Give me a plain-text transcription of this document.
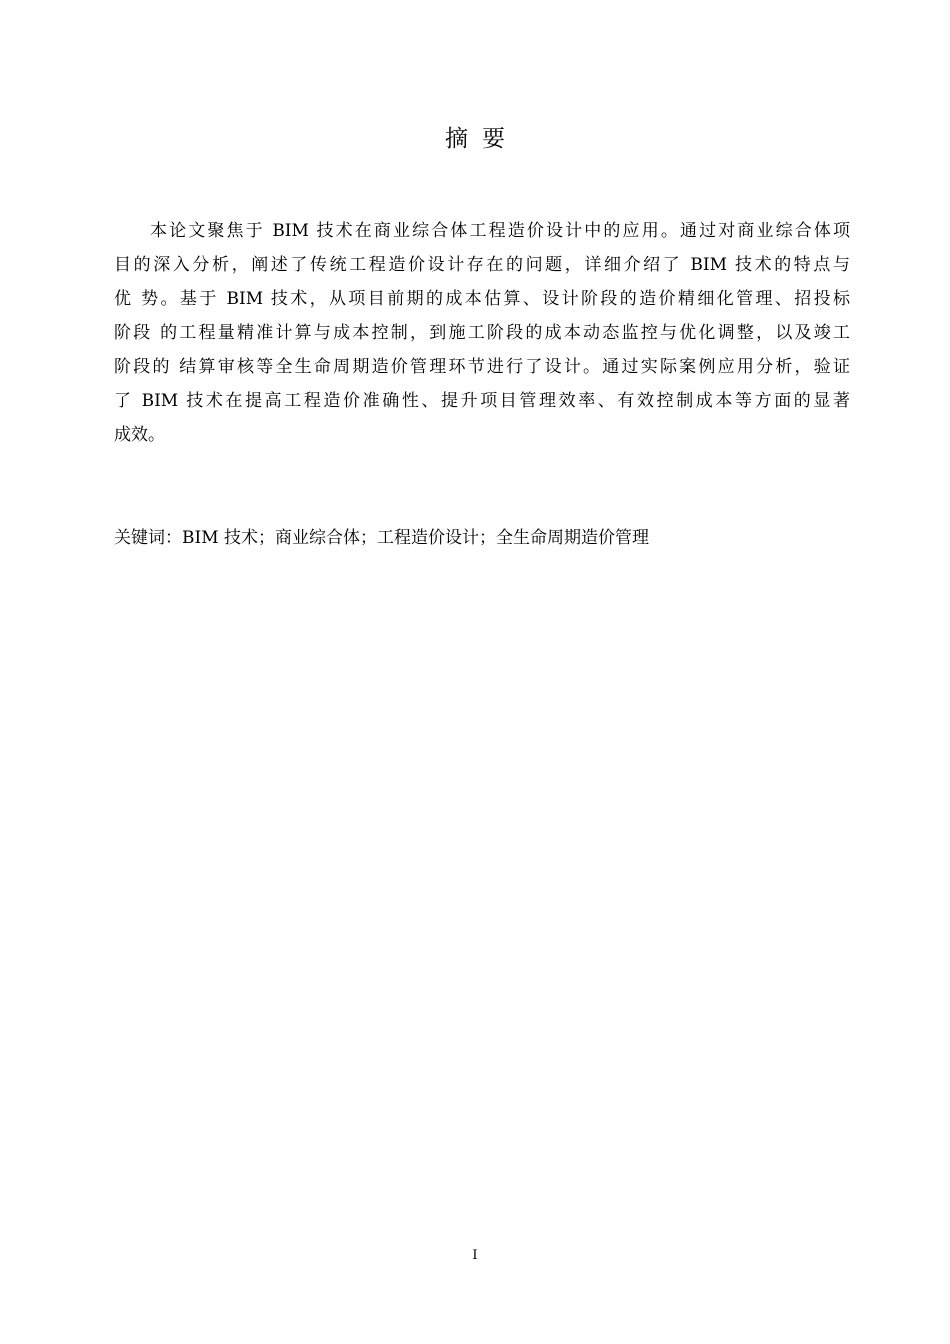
摘要

本论文聚焦于 BIM 技术在商业综合体工程造价设计中的应用。通过对商业综合体项
目的深入分析，阐述了传统工程造价设计存在的问题，详细介绍了 BIM 技术的特点与
优 势。基于 BIM 技术，从项目前期的成本估算、设计阶段的造价精细化管理、招投标
阶段 的工程量精准计算与成本控制，到施工阶段的成本动态监控与优化调整，以及竣工
阶段的 结算审核等全生命周期造价管理环节进行了设计。通过实际案例应用分析，验证
了 BIM 技术在提高工程造价准确性、提升项目管理效率、有效控制成本等方面的显著
成效。

关键词：BIM 技术；商业综合体；工程造价设计；全生命周期造价管理
I
